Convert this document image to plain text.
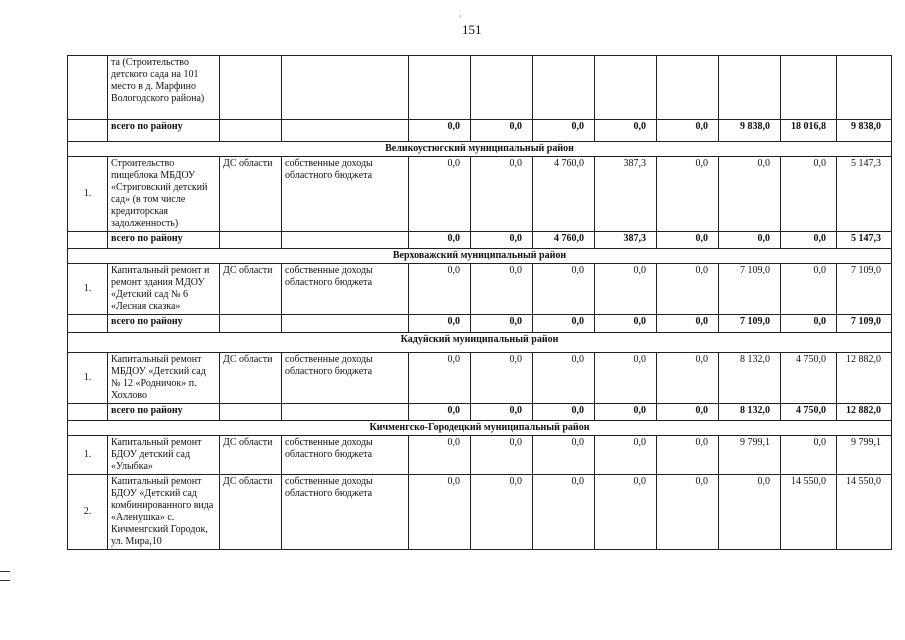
'
151
	та (Строительство детского сада на 101 место в д. Марфино Вологодского района)										
	всего по району			0,0	0,0	0,0	0,0	0,0	9 838,0	18 016,8	9 838,0
Великоустюгский муниципальный район											
1.	Строительство пищеблока МБДОУ «Стриговский детский сад» (в том числе кредиторская задолженность)	ДС области	собственные доходы областного бюджета	0,0	0,0	4 760,0	387,3	0,0	0,0	0,0	5 147,3
	всего по району			0,0	0,0	4 760,0	387,3	0,0	0,0	0,0	5 147,3
Верховажский муниципальный район											
1.	Капитальный ремонт и ремонт здания МДОУ «Детский сад № 6 «Лесная сказка»	ДС области	собственные доходы областного бюджета	0,0	0,0	0,0	0,0	0,0	7 109,0	0,0	7 109,0
	всего по району			0,0	0,0	0,0	0,0	0,0	7 109,0	0,0	7 109,0
Кадуйский муниципальный район											
1.	Капитальный ремонт МБДОУ «Детский сад № 12 «Родничок» п. Хохлово	ДС области	собственные доходы областного бюджета	0,0	0,0	0,0	0,0	0,0	8 132,0	4 750,0	12 882,0
	всего по району			0,0	0,0	0,0	0,0	0,0	8 132,0	4 750,0	12 882,0
Кичменгско-Городецкий муниципальный район											
1.	Капитальный ремонт БДОУ детский сад «Улыбка»	ДС области	собственные доходы областного бюджета	0,0	0,0	0,0	0,0	0,0	9 799,1	0,0	9 799,1
2.	Капитальный ремонт БДОУ «Детский сад комбинированного вида «Аленушка» с. Кичменгский Городок, ул. Мира,10	ДС области	собственные доходы областного бюджета	0,0	0,0	0,0	0,0	0,0	0,0	14 550,0	14 550,0
